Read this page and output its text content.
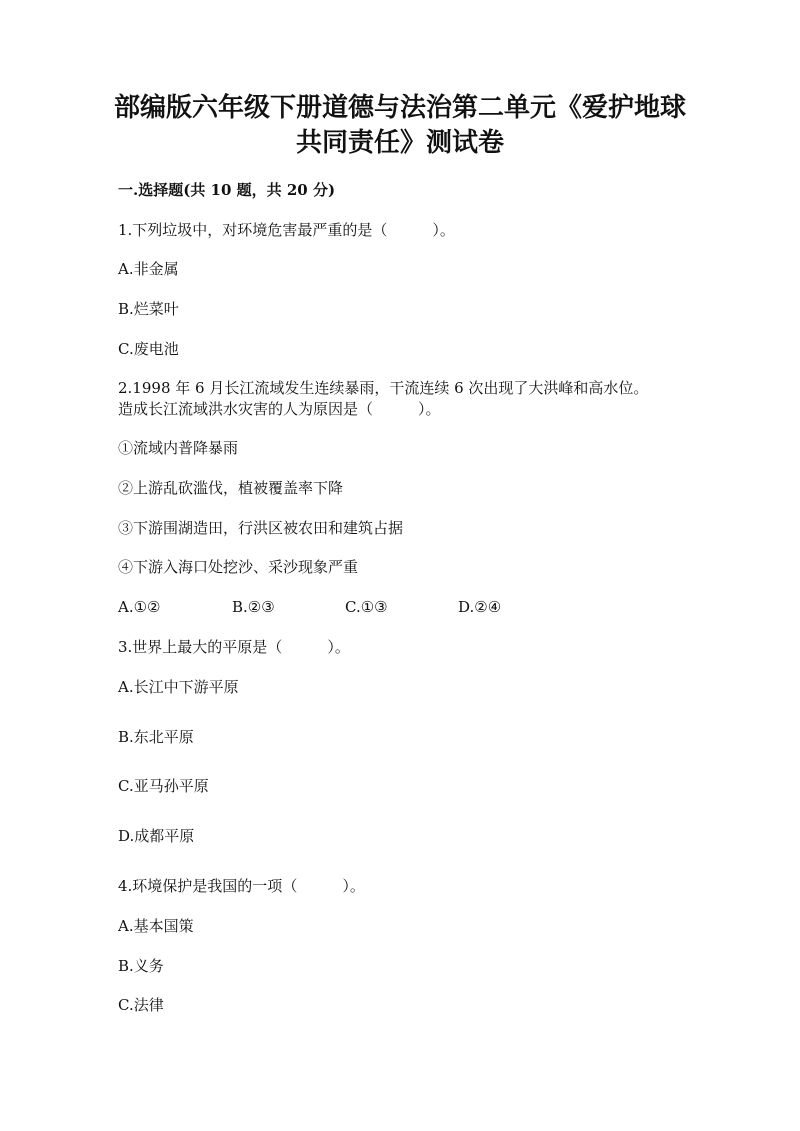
部编版六年级下册道德与法治第二单元《爱护地球
共同责任》测试卷
一.选择题(共 10 题，共 20 分)
1.下列垃圾中，对环境危害最严重的是（　　　）。
A.非金属
B.烂菜叶
C.废电池
2.1998 年 6 月长江流域发生连续暴雨，干流连续 6 次出现了大洪峰和高水位。
造成长江流域洪水灾害的人为原因是（　　　）。
①流域内普降暴雨
②上游乱砍滥伐，植被覆盖率下降
③下游围湖造田，行洪区被农田和建筑占据
④下游入海口处挖沙、采沙现象严重
A.①②	B.②③	C.①③	D.②④
3.世界上最大的平原是（　　　）。
A.长江中下游平原
B.东北平原
C.亚马孙平原
D.成都平原
4.环境保护是我国的一项（　　　）。
A.基本国策
B.义务
C.法律
